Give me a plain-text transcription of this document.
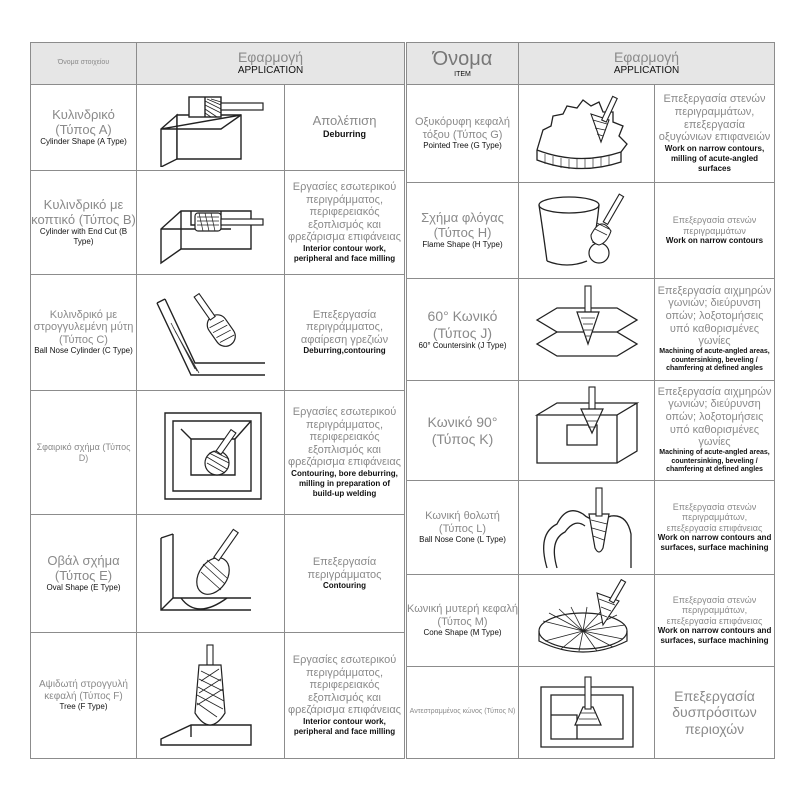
Όνομα στοιχείου	Εφαρμογή
APPLICATION	

Κυλινδρικό (Τύπος Α)
Cylinder Shape (A Type)		Απολέπιση
Deburring

Κυλινδρικό με κοπτικό (Τύπος B)
Cylinder with End Cut (B Type)		Εργασίες εσωτερικού περιγράμματος, περιφερειακός εξοπλισμός και φρεζάρισμα επιφάνειας
Interior contour work, peripheral and face milling

Κυλινδρικό με στρογγυλεμένη μύτη (Τύπος C)
Ball Nose Cylinder (C Type)		Επεξεργασία περιγράμματος, αφαίρεση γρεζιών
Deburring,contouring

Σφαιρικό σχήμα (Τύπος D)		Εργασίες εσωτερικού περιγράμματος, περιφερειακός εξοπλισμός και φρεζάρισμα επιφάνειας
Contouring, bore deburring, milling in preparation of build-up welding

Οβάλ σχήμα (Τύπος E)
Oval Shape (E Type)		Επεξεργασία περιγράμματος
Contouring

Αψιδωτή στρογγυλή κεφαλή (Τύπος F)
Tree (F Type)		Εργασίες εσωτερικού περιγράμματος, περιφερειακός εξοπλισμός και φρεζάρισμα επιφάνειας
Interior contour work, peripheral and face milling
Όνομα
ITEM	Εφαρμογή
APPLICATION	

Οξυκόρυφη κεφαλή τόξου (Τύπος G)
Pointed Tree (G Type)		Επεξεργασία στενών περιγραμμάτων, επεξεργασία οξυγώνιων επιφανειών
Work on narrow contours, milling of acute-angled surfaces

Σχήμα φλόγας (Τύπος H)
Flame Shape (H Type)		Επεξεργασία στενών περιγραμμάτων
Work on narrow contours

60° Κωνικό (Τύπος J)
60° Countersink (J Type)		Επεξεργασία αιχμηρών γωνιών; διεύρυνση οπών; λοξοτομήσεις υπό καθορισμένες γωνίες
Machining of acute-angled areas, countersinking, beveling / chamfering at defined angles

Κωνικό 90° (Τύπος K)		Επεξεργασία αιχμηρών γωνιών; διεύρυνση οπών; λοξοτομήσεις υπό καθορισμένες γωνίες
Machining of acute-angled areas, countersinking, beveling / chamfering at defined angles

Κωνική θολωτή (Τύπος L)
Ball Nose Cone (L Type)		Επεξεργασία στενών περιγραμμάτων, επεξεργασία επιφάνειας
Work on narrow contours and surfaces, surface machining

Κωνική μυτερή κεφαλή (Τύπος M)
Cone Shape (M Type)		Επεξεργασία στενών περιγραμμάτων, επεξεργασία επιφάνειας
Work on narrow contours and surfaces, surface machining

Αντεστραμμένος κώνος (Τύπος N)		Επεξεργασία δυσπρόσιτων περιοχών
